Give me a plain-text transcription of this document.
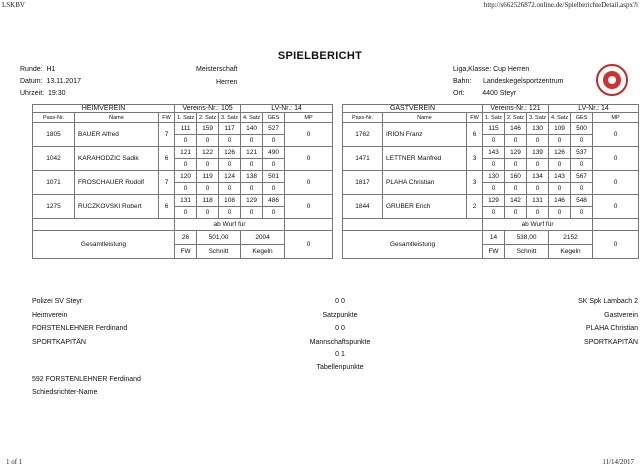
LSKBV	http://s662526872.online.de/SpielberichteDetail.aspx?i
SPIELBERICHT
Runde: H1
Datum: 13.11.2017
Uhrzeit: 19:30
Meisterschaft
Herren
Liga,Klasse: Cup Herren
Bahn: Landeskegelsportzentrum
Ort:	4400 Steyr
HEIMVEREIN			Vereins-Nr.: 105			LV-Nr.: 14		
Pass-Nr.	Name	FW	1. Satz	2. Satz	3. Satz	4. Satz	GES	MP
1805	BAUER Alfred	7	111	159	117	140	527	0
			0	0	0	0	0	
1042	KARAHODZIC Sadik	6	121	122	126	121	490	0
			0	0	0	0	0	
1071	FROSCHAUER Rudolf	7	120	119	124	138	501	0
			0	0	0	0	0	
1275	RUCZKOVSKI Robert	6	131	118	108	129	486	0
			0	0	0	0	0	
			ab Wurf für					
Gesamtleistung			26	501,00		2004		0
			FW	Schnitt		Kegeln		
GASTVEREIN			Vereins-Nr.: 121			LV-Nr.: 14		
Pass-Nr.	Name	FW	1. Satz	2. Satz	3. Satz	4. Satz	GES	MP
1762	IRION Franz	6	115	146	130	109	500	0
			0	0	0	0	0	
1471	LETTNER Manfred	3	143	129	139	126	537	0
			0	0	0	0	0	
1817	PLAHA Christian	3	130	160	134	143	567	0
			0	0	0	0	0	
1844	GRUBER Erich	2	129	142	131	146	548	0
			0	0	0	0	0	
			ab Wurf für					
Gesamtleistung			14	538,00		2152		0
			FW	Schnitt		Kegeln		
Polizei SV Steyr
Heimverein
FORSTENLEHNER Ferdinand
SPORTKAPITÄN
SK Spk Lambach 2
Gastverein
PLAHA Christian
SPORTKAPITÄN
0 0
Satzpunkte
0 0
Mannschaftspunkte
0 1
Tabellenpunkte
592 FORSTENLEHNER Ferdinand
Schiedsrichter-Name
1 of 1	11/14/2017
